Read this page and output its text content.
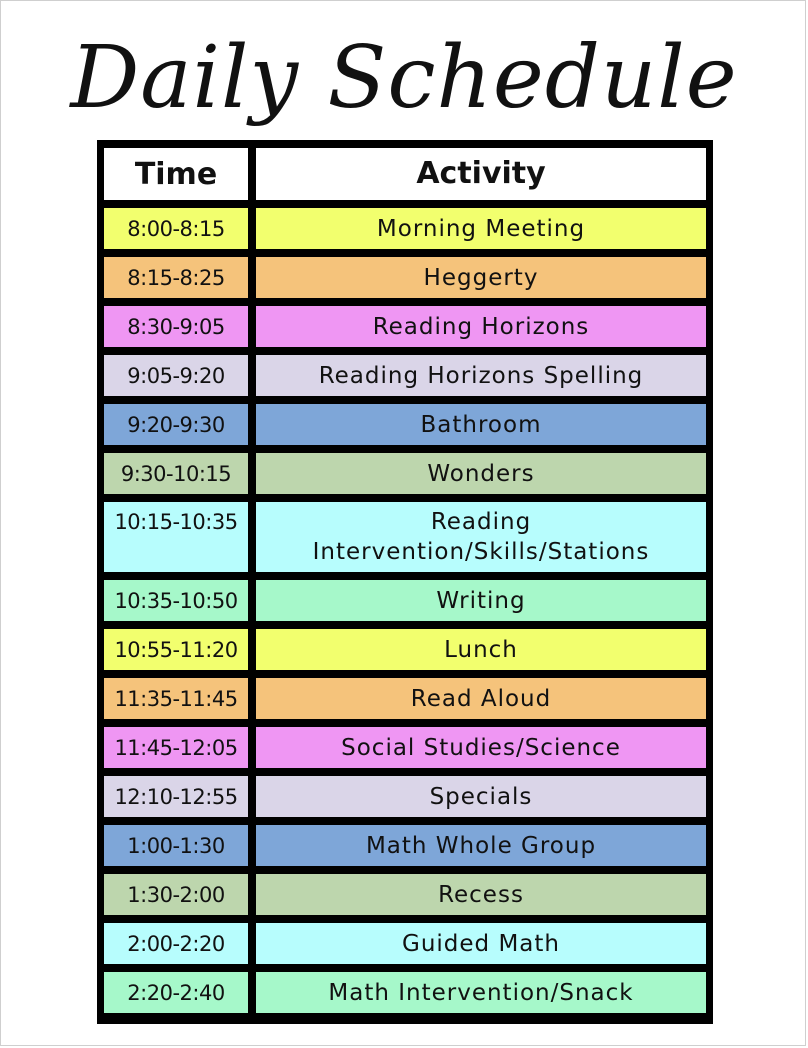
Daily Schedule
Time	Activity
8:00-8:15	Morning Meeting
8:15-8:25	Heggerty
8:30-9:05	Reading Horizons
9:05-9:20	Reading Horizons Spelling
9:20-9:30	Bathroom
9:30-10:15	Wonders
10:15-10:35	Reading Intervention/Skills/Stations
10:35-10:50	Writing
10:55-11:20	Lunch
11:35-11:45	Read Aloud
11:45-12:05	Social Studies/Science
12:10-12:55	Specials
1:00-1:30	Math Whole Group
1:30-2:00	Recess
2:00-2:20	Guided Math
2:20-2:40	Math Intervention/Snack
